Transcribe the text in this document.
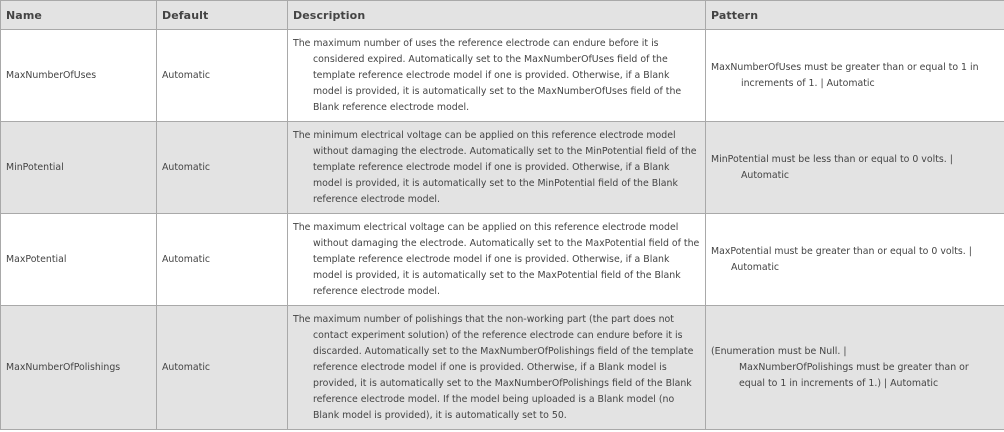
Name	Default	Description	Pattern
MaxNumberOfUses	Automatic	The maximum number of uses the reference electrode can endure before it is considered expired. Automatically set to the MaxNumberOfUses field of the template reference electrode model if one is provided. Otherwise, if a Blank model is provided, it is automatically set to the MaxNumberOfUses field of the Blank reference electrode model.	MaxNumberOfUses must be greater than or equal to 1 in increments of 1. | Automatic

MinPotential	Automatic	The minimum electrical voltage can be applied on this reference electrode model without damaging the electrode. Automatically set to the MinPotential field of the template reference electrode model if one is provided. Otherwise, if a Blank model is provided, it is automatically set to the MinPotential field of the Blank reference electrode model.	MinPotential must be less than or equal to 0 volts. | Automatic

MaxPotential	Automatic	The maximum electrical voltage can be applied on this reference electrode model without damaging the electrode. Automatically set to the MaxPotential field of the template reference electrode model if one is provided. Otherwise, if a Blank model is provided, it is automatically set to the MaxPotential field of the Blank reference electrode model.	MaxPotential must be greater than or equal to 0 volts. | Automatic

MaxNumberOfPolishings	Automatic	The maximum number of polishings that the non-working part (the part does not contact experiment solution) of the reference electrode can endure before it is discarded. Automatically set to the MaxNumberOfPolishings field of the template reference electrode model if one is provided. Otherwise, if a Blank model is provided, it is automatically set to the MaxNumberOfPolishings field of the Blank reference electrode model. If the model being uploaded is a Blank model (no Blank model is provided), it is automatically set to 50.	(Enumeration must be Null. |
MaxNumberOfPolishings must be greater than or equal to 1 in increments of 1.) | Automatic
